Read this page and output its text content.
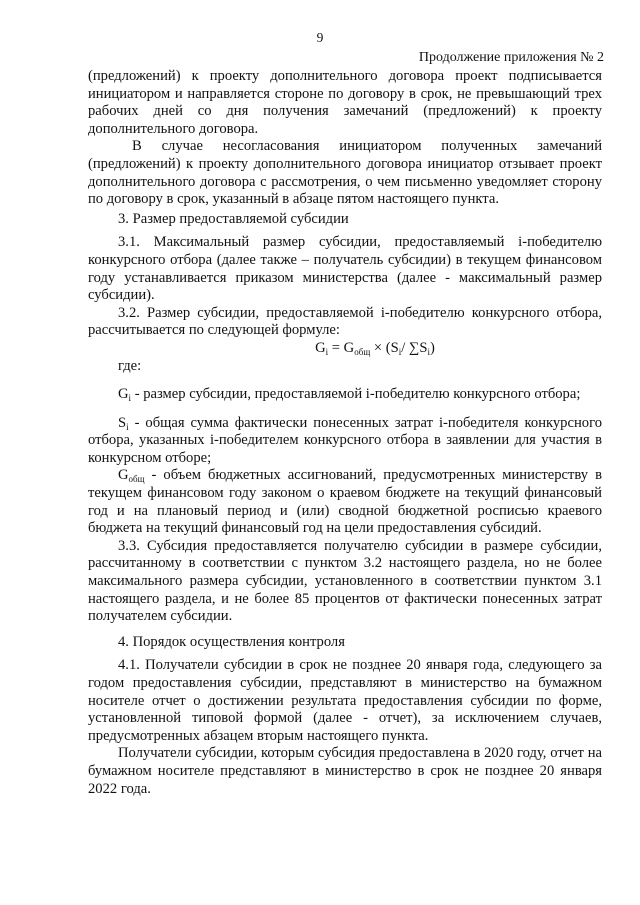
9
Продолжение приложения № 2

(предложений) к проекту дополнительного договора проект подписывается инициатором и направляется стороне по договору в срок, не превышающий трех рабочих дней со дня получения замечаний (предложений) к проекту дополнительного договора.

В случае несогласования инициатором полученных замечаний (предложений) к проекту дополнительного договора инициатор отзывает проект дополнительного договора с рассмотрения, о чем письменно уведомляет сторону по договору в срок, указанный в абзаце пятом настоящего пункта.

3. Размер предоставляемой субсидии

3.1. Максимальный размер субсидии, предоставляемый i-победителю конкурсного отбора (далее также – получатель субсидии) в текущем финансовом году устанавливается приказом министерства (далее - максимальный размер субсидии).

3.2. Размер субсидии, предоставляемой i-победителю конкурсного отбора, рассчитывается по следующей формуле:

$G_i = G_{общ} \times (S_i/$ $\sum S_i$)

где:

$G_i$ - размер субсидии, предоставляемой i-победителю конкурсного отбора;

$S_i$ - общая сумма фактически понесенных затрат i-победителя конкурсного отбора, указанных i-победителем конкурсного отбора в заявлении для участия в конкурсном отборе;

$G_{общ}$ - объем бюджетных ассигнований, предусмотренных министерству в текущем финансовом году законом о краевом бюджете на текущий финансовый год и на плановый период и (или) сводной бюджетной росписью краевого бюджета на текущий финансовый год на цели предоставления субсидий.

3.3. Субсидия предоставляется получателю субсидии в размере субсидии, рассчитанному в соответствии с пунктом 3.2 настоящего раздела, но не более максимального размера субсидии, установленного в соответствии пунктом 3.1 настоящего раздела, и не более 85 процентов от фактически понесенных затрат получателем субсидии.

4. Порядок осуществления контроля

4.1. Получатели субсидии в срок не позднее 20 января года, следующего за годом предоставления субсидии, представляют в министерство на бумажном носителе отчет о достижении результата предоставления субсидии по форме, установленной типовой формой (далее - отчет), за исключением случаев, предусмотренных абзацем вторым настоящего пункта.

Получатели субсидии, которым субсидия предоставлена в 2020 году, отчет на бумажном носителе представляют в министерство в срок не позднее 20 января 2022 года.
